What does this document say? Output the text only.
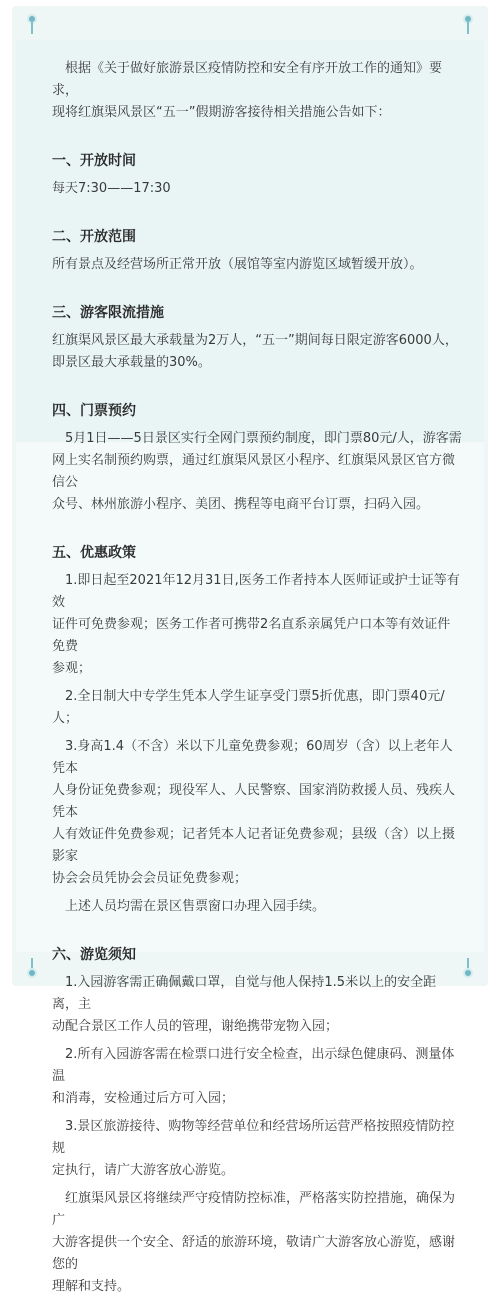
根据《关于做好旅游景区疫情防控和安全有序开放工作的通知》要求，

现将红旗渠风景区“五一”假期游客接待相关措施公告如下：

一、开放时间

每天7:30——17:30

二、开放范围

所有景点及经营场所正常开放（展馆等室内游览区域暂缓开放）。

三、游客限流措施

红旗渠风景区最大承载量为2万人，“五一”期间每日限定游客6000人，

即景区最大承载量的30%。

四、门票预约

5月1日——5日景区实行全网门票预约制度，即门票80元/人，游客需

网上实名制预约购票，通过红旗渠风景区小程序、红旗渠风景区官方微信公

众号、林州旅游小程序、美团、携程等电商平台订票，扫码入园。

五、优惠政策

1.即日起至2021年12月31日,医务工作者持本人医师证或护士证等有效

证件可免费参观；医务工作者可携带2名直系亲属凭户口本等有效证件免费

参观；

2.全日制大中专学生凭本人学生证享受门票5折优惠，即门票40元/人；

3.身高1.4（不含）米以下儿童免费参观；60周岁（含）以上老年人凭本

人身份证免费参观；现役军人、人民警察、国家消防救援人员、残疾人凭本

人有效证件免费参观；记者凭本人记者证免费参观；县级（含）以上摄影家

协会会员凭协会会员证免费参观；

上述人员均需在景区售票窗口办理入园手续。

六、游览须知

1.入园游客需正确佩戴口罩，自觉与他人保持1.5米以上的安全距离，主

动配合景区工作人员的管理，谢绝携带宠物入园；

2.所有入园游客需在检票口进行安全检查，出示绿色健康码、测量体温

和消毒，安检通过后方可入园；

3.景区旅游接待、购物等经营单位和经营场所运营严格按照疫情防控规

定执行，请广大游客放心游览。

红旗渠风景区将继续严守疫情防控标准，严格落实防控措施，确保为广

大游客提供一个安全、舒适的旅游环境，敬请广大游客放心游览，感谢您的

理解和支持。
